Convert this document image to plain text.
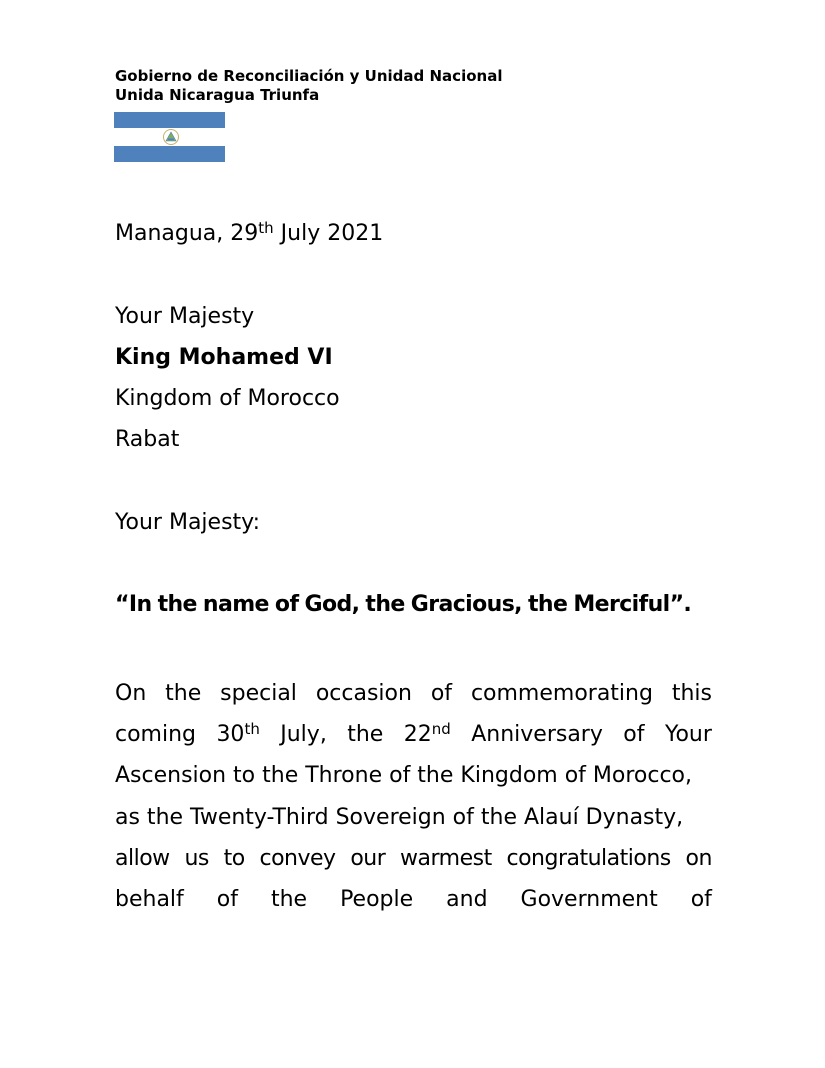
Gobierno de Reconciliación y Unidad Nacional
Unida Nicaragua Triunfa
Managua, 29th July 2021
Your Majesty
King Mohamed VI
Kingdom of Morocco
Rabat
Your Majesty:
“In the name of God, the Gracious, the Merciful”.
On the special occasion of commemorating this
coming 30th July, the 22nd Anniversary of Your
Ascension to the Throne of the Kingdom of Morocco,
as the Twenty-Third Sovereign of the Alauí Dynasty,
allow us to convey our warmest congratulations on
behalf of the People and Government of
